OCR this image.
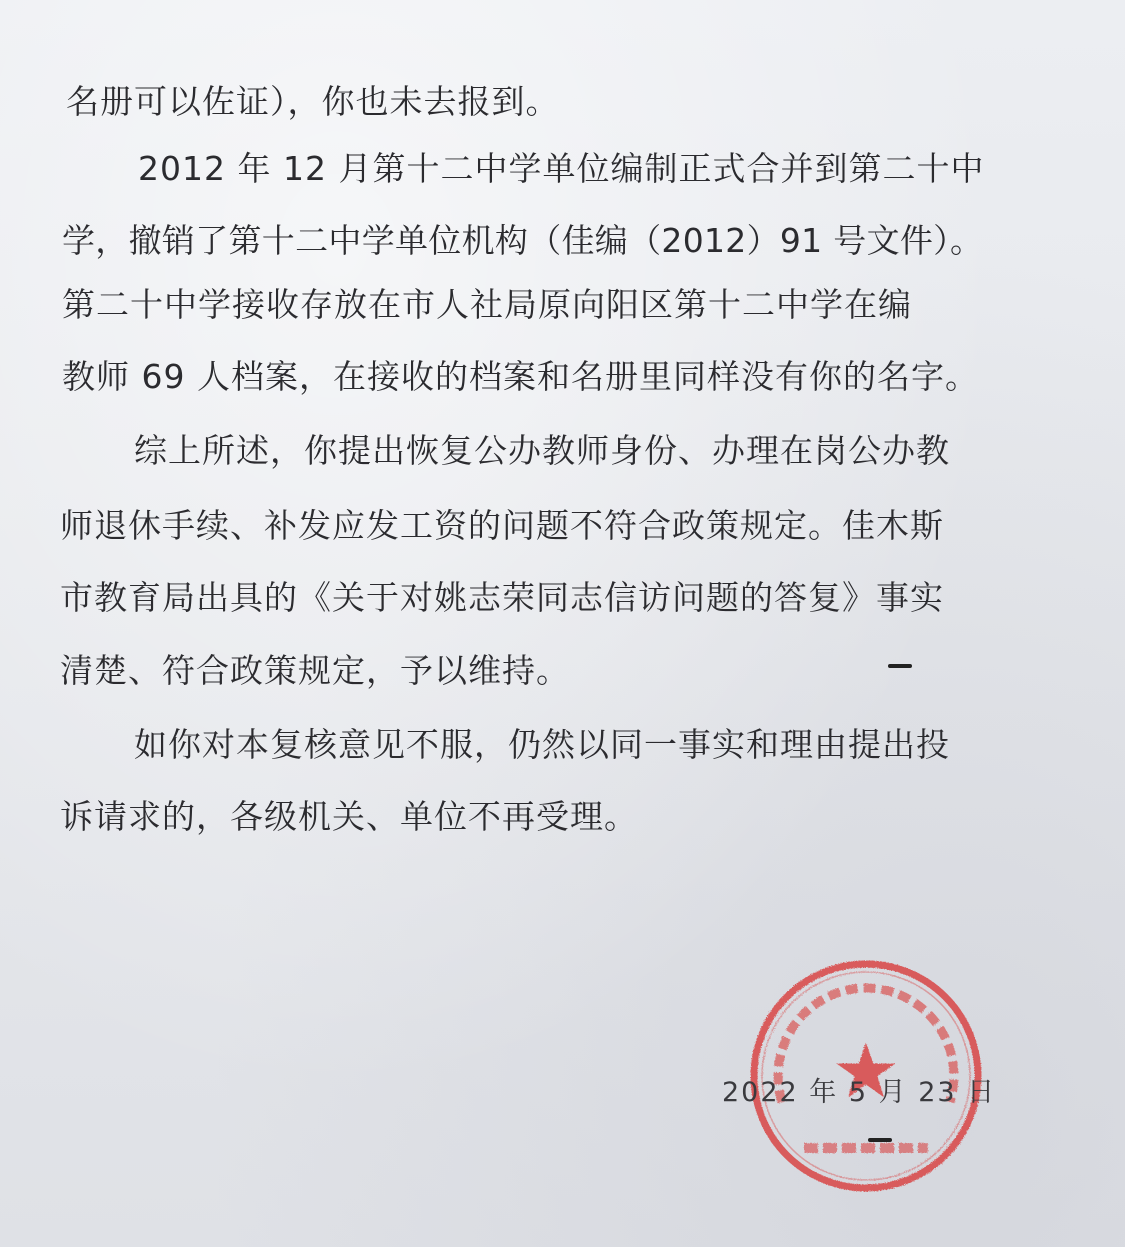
名册可以佐证），你也未去报到。

2012 年 12 月第十二中学单位编制正式合并到第二十中

学，撤销了第十二中学单位机构（佳编（2012）91 号文件）。

第二十中学接收存放在市人社局原向阳区第十二中学在编

教师 69 人档案，在接收的档案和名册里同样没有你的名字。

综上所述，你提出恢复公办教师身份、办理在岗公办教

师退休手续、补发应发工资的问题不符合政策规定。佳木斯

市教育局出具的《关于对姚志荣同志信访问题的答复》事实

清楚、符合政策规定，予以维持。

如你对本复核意见不服，仍然以同一事实和理由提出投

诉请求的，各级机关、单位不再受理。

2022 年 5 月 23 日
